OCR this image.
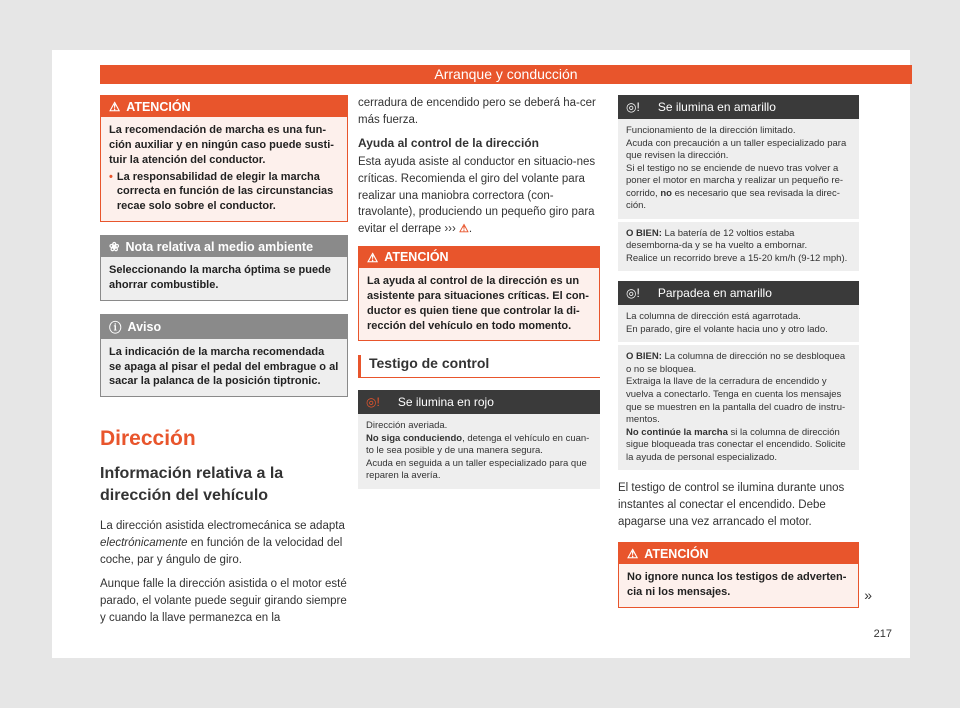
Arranque y conducción
⚠ ATENCIÓN

La recomendación de marcha es una fun-ción auxiliar y en ningún caso puede susti-tuir la atención del conductor.

• La responsabilidad de elegir la marcha correcta en función de las circunstancias recae solo sobre el conductor.
❀ Nota relativa al medio ambiente
Seleccionando la marcha óptima se puede ahorrar combustible.
ⓘ Aviso
La indicación de la marcha recomendada se apaga al pisar el pedal del embrague o al sacar la palanca de la posición tiptronic.
Dirección
Información relativa a la dirección del vehículo

La dirección asistida electromecánica se adapta electrónicamente en función de la velocidad del coche, par y ángulo de giro.

Aunque falle la dirección asistida o el motor esté parado, el volante puede seguir girando siempre y cuando la llave permanezca en la

cerradura de encendido pero se deberá ha-cer más fuerza.

Ayuda al control de la dirección

Esta ayuda asiste al conductor en situacio-nes críticas. Recomienda el giro del volante para realizar una maniobra correctora (con-travolante), produciendo un pequeño giro para evitar el derrape ››› ⚠.

⚠ ATENCIÓN
La ayuda al control de la dirección es un asistente para situaciones críticas. El con-ductor es quien tiene que controlar la di-rección del vehículo en todo momento.
Testigo de control
◎! Se ilumina en rojo
Dirección averiada.
No siga conduciendo, detenga el vehículo en cuan-to le sea posible y de una manera segura.
Acuda en seguida a un taller especializado para que reparen la avería.
◎! Se ilumina en amarillo
Funcionamiento de la dirección limitado.
Acuda con precaución a un taller especializado para que revisen la dirección.
Si el testigo no se enciende de nuevo tras volver a poner el motor en marcha y realizar un pequeño re-corrido, no es necesario que sea revisada la direc-ción.
O BIEN: La batería de 12 voltios estaba desemborna-da y se ha vuelto a embornar.
Realice un recorrido breve a 15-20 km/h (9-12 mph).
◎! Parpadea en amarillo
La columna de dirección está agarrotada.
En parado, gire el volante hacia uno y otro lado.
O BIEN: La columna de dirección no se desbloquea o no se bloquea.
Extraiga la llave de la cerradura de encendido y vuelva a conectarlo. Tenga en cuenta los mensajes que se muestren en la pantalla del cuadro de instru-mentos.
No continúe la marcha si la columna de dirección sigue bloqueada tras conectar el encendido. Solicite la ayuda de personal especializado.

El testigo de control se ilumina durante unos instantes al conectar el encendido. Debe apagarse una vez arrancado el motor.

⚠ ATENCIÓN
No ignore nunca los testigos de adverten-cia ni los mensajes.	»
217
